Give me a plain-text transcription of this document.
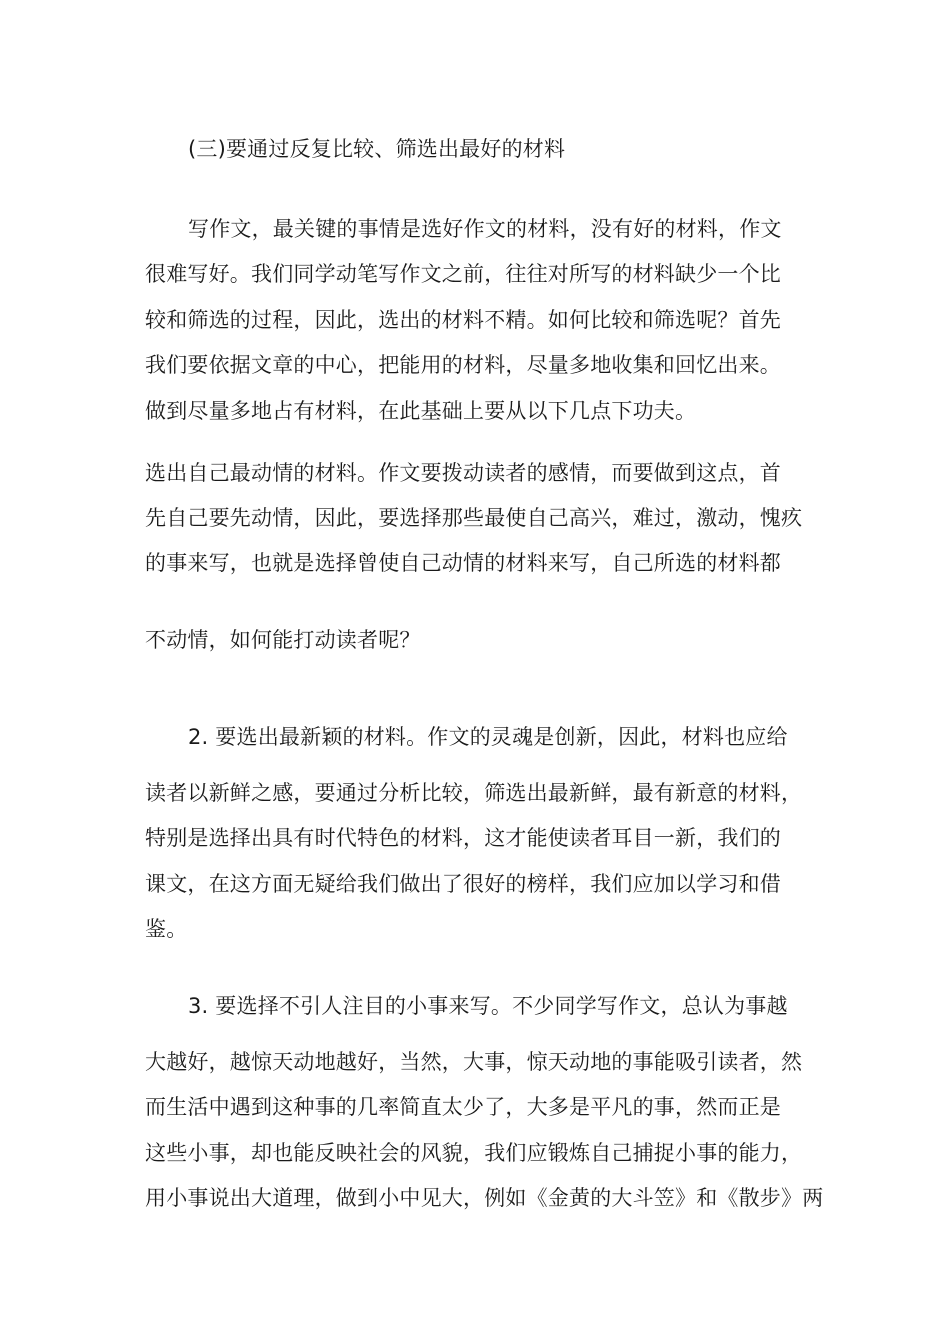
(三)要通过反复比较、筛选出最好的材料
写作文，最关键的事情是选好作文的材料，没有好的材料，作文
很难写好。我们同学动笔写作文之前，往往对所写的材料缺少一个比
较和筛选的过程，因此，选出的材料不精。如何比较和筛选呢？首先
我们要依据文章的中心，把能用的材料，尽量多地收集和回忆出来。
做到尽量多地占有材料，在此基础上要从以下几点下功夫。
选出自己最动情的材料。作文要拨动读者的感情，而要做到这点，首
先自己要先动情，因此，要选择那些最使自己高兴，难过，激动，愧疚
的事来写，也就是选择曾使自己动情的材料来写，自己所选的材料都
不动情，如何能打动读者呢？
2. 要选出最新颖的材料。作文的灵魂是创新，因此，材料也应给
读者以新鲜之感，要通过分析比较，筛选出最新鲜，最有新意的材料，
特别是选择出具有时代特色的材料，这才能使读者耳目一新，我们的
课文，在这方面无疑给我们做出了很好的榜样，我们应加以学习和借
鉴。
3. 要选择不引人注目的小事来写。不少同学写作文，总认为事越
大越好，越惊天动地越好，当然，大事，惊天动地的事能吸引读者，然
而生活中遇到这种事的几率简直太少了，大多是平凡的事，然而正是
这些小事，却也能反映社会的风貌，我们应锻炼自己捕捉小事的能力，
用小事说出大道理，做到小中见大，例如《金黄的大斗笠》和《散步》两
